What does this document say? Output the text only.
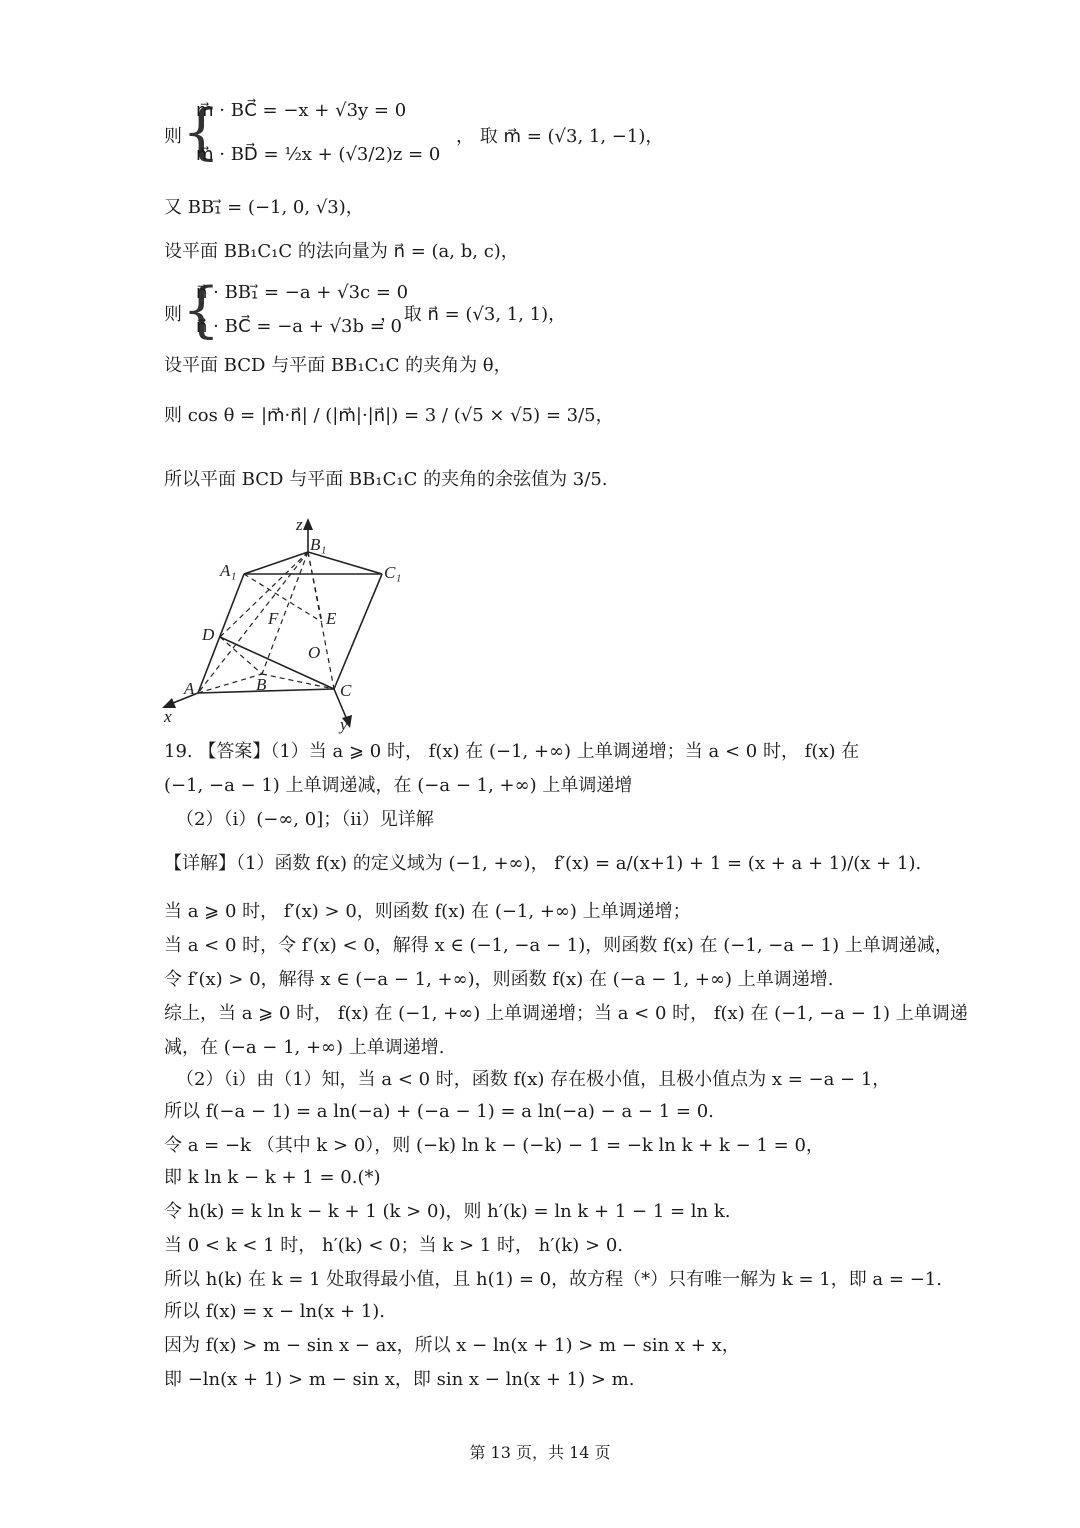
则 {
m⃗ · BC⃗ = −x + √3y = 0
m⃗ · BD⃗ = ½x + (√3/2)z = 0
， 取 m⃗ = (√3, 1, −1)，
又 BB₁⃗ = (−1, 0, √3)，
设平面 BB₁C₁C 的法向量为 n⃗ = (a, b, c)，
则 {
n⃗ · BB₁⃗ = −a + √3c = 0
n⃗ · BC⃗ = −a + √3b = 0
， 取 n⃗ = (√3, 1, 1)，
设平面 BCD 与平面 BB₁C₁C 的夹角为 θ，
则 cos θ = |m⃗·n⃗| / (|m⃗|·|n⃗|) = 3 / (√5 × √5) = 3/5，
所以平面 BCD 与平面 BB₁C₁C 的夹角的余弦值为 3/5.
z
B₁
A₁	C₁
E
F
D
O
A	B	C
x	y
19. 【答案】（1）当 a ⩾ 0 时， f(x) 在 (−1, +∞) 上单调递增；当 a < 0 时， f(x) 在
(−1, −a − 1) 上单调递减，在 (−a − 1, +∞) 上单调递增
（2）（i）(−∞, 0]；（ii）见详解
【详解】（1）函数 f(x) 的定义域为 (−1, +∞)， f′(x) = a/(x+1) + 1 = (x + a + 1)/(x + 1).
当 a ⩾ 0 时， f′(x) > 0，则函数 f(x) 在 (−1, +∞) 上单调递增；
当 a < 0 时，令 f′(x) < 0，解得 x ∈ (−1, −a − 1)，则函数 f(x) 在 (−1, −a − 1) 上单调递减，
令 f′(x) > 0，解得 x ∈ (−a − 1, +∞)，则函数 f(x) 在 (−a − 1, +∞) 上单调递增.
综上，当 a ⩾ 0 时， f(x) 在 (−1, +∞) 上单调递增；当 a < 0 时， f(x) 在 (−1, −a − 1) 上单调递
减，在 (−a − 1, +∞) 上单调递增.
（2）（i）由（1）知，当 a < 0 时，函数 f(x) 存在极小值，且极小值点为 x = −a − 1，
所以 f(−a − 1) = a ln(−a) + (−a − 1) = a ln(−a) − a − 1 = 0.
令 a = −k （其中 k > 0），则 (−k) ln k − (−k) − 1 = −k ln k + k − 1 = 0，
即 k ln k − k + 1 = 0.(*)
令 h(k) = k ln k − k + 1 (k > 0)，则 h′(k) = ln k + 1 − 1 = ln k.
当 0 < k < 1 时， h′(k) < 0；当 k > 1 时， h′(k) > 0.
所以 h(k) 在 k = 1 处取得最小值，且 h(1) = 0，故方程（*）只有唯一解为 k = 1，即 a = −1.
所以 f(x) = x − ln(x + 1).
因为 f(x) > m − sin x − ax，所以 x − ln(x + 1) > m − sin x + x，
即 −ln(x + 1) > m − sin x，即 sin x − ln(x + 1) > m.
第 13 页，共 14 页
